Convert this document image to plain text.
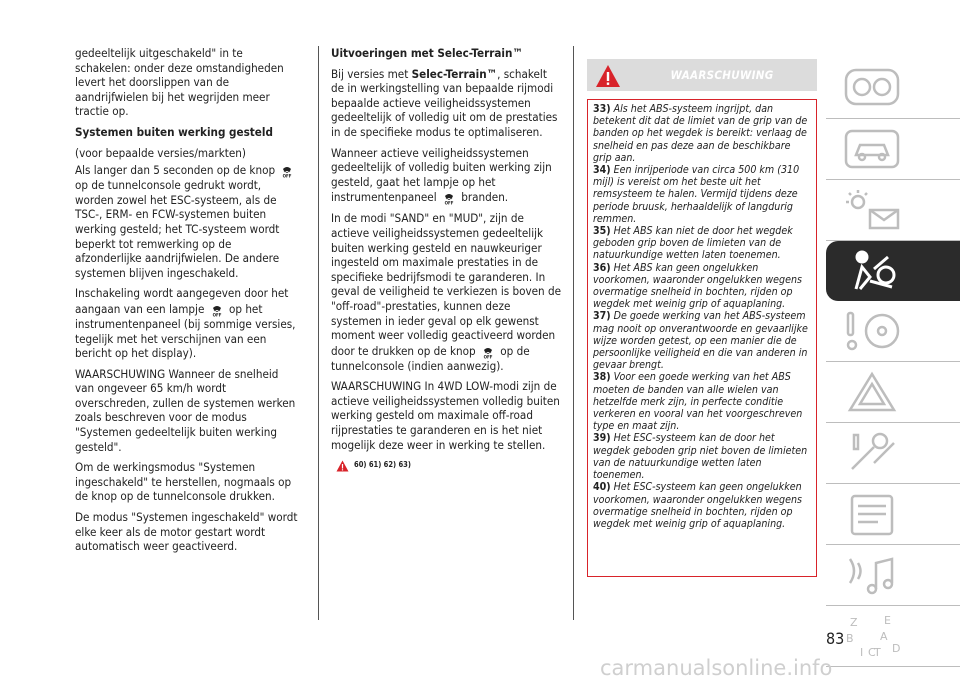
gedeeltelijk uitgeschakeld" in te schakelen: onder deze omstandigheden levert het doorslippen van de aandrijfwielen bij het wegrijden meer tractie op.

Systemen buiten werking gesteld

(voor bepaalde versies/markten)

Als langer dan 5 seconden op de knop OFF
op de tunnelconsole gedrukt wordt, worden zowel het ESC-systeem, als de TSC-, ERM- en FCW-systemen buiten werking gesteld; het TC-systeem wordt beperkt tot remwerking op de afzonderlijke aandrijfwielen. De andere systemen blijven ingeschakeld.

Inschakeling wordt aangegeven door het aangaan van een lampje OFF op het instrumentenpaneel (bij sommige versies, tegelijk met het verschijnen van een bericht op het display).

WAARSCHUWING Wanneer de snelheid van ongeveer 65 km/h wordt overschreden, zullen de systemen werken zoals beschreven voor de modus "Systemen gedeeltelijk buiten werking gesteld".

Om de werkingsmodus "Systemen ingeschakeld" te herstellen, nogmaals op de knop op de tunnelconsole drukken.

De modus "Systemen ingeschakeld" wordt elke keer als de motor gestart wordt automatisch weer geactiveerd.

Uitvoeringen met Selec-Terrain™

Bij versies met Selec-Terrain™, schakelt de in werkingstelling van bepaalde rijmodi bepaalde actieve veiligheidssystemen gedeeltelijk of volledig uit om de prestaties in de specifieke modus te optimaliseren.

Wanneer actieve veiligheidssystemen gedeeltelijk of volledig buiten werking zijn gesteld, gaat het lampje op het instrumentenpaneel OFF branden.

In de modi "SAND" en "MUD", zijn de actieve veiligheidssystemen gedeeltelijk buiten werking gesteld en nauwkeuriger ingesteld om maximale prestaties in de specifieke bedrijfsmodi te garanderen. In geval de veiligheid te verkiezen is boven de "off-road"-prestaties, kunnen deze systemen in ieder geval op elk gewenst moment weer volledig geactiveerd worden door te drukken op de knop OFF op de tunnelconsole (indien aanwezig).

WAARSCHUWING In 4WD LOW-modi zijn de actieve veiligheidssystemen volledig buiten werking gesteld om maximale off-road rijprestaties te garanderen en is het niet mogelijk deze weer in werking te stellen.

60) 61) 62) 63)
WAARSCHUWING
33) Als het ABS-systeem ingrijpt, dan betekent dit dat de limiet van de grip van de banden op het wegdek is bereikt: verlaag de snelheid en pas deze aan de beschikbare grip aan.
34) Een inrijperiode van circa 500 km (310 mijl) is vereist om het beste uit het remsysteem te halen. Vermijd tijdens deze periode bruusk, herhaaldelijk of langdurig remmen.
35) Het ABS kan niet de door het wegdek geboden grip boven de limieten van de natuurkundige wetten laten toenemen.
36) Het ABS kan geen ongelukken voorkomen, waaronder ongelukken wegens overmatige snelheid in bochten, rijden op wegdek met weinig grip of aquaplaning.
37) De goede werking van het ABS-systeem mag nooit op onverantwoorde en gevaarlijke wijze worden getest, op een manier die de persoonlijke veiligheid en die van anderen in gevaar brengt.
38) Voor een goede werking van het ABS moeten de banden van alle wielen van hetzelfde merk zijn, in perfecte conditie verkeren en vooral van het voorgeschreven type en maat zijn.
39) Het ESC-systeem kan de door het wegdek geboden grip niet boven de limieten van de natuurkundige wetten laten toenemen.
40) Het ESC-systeem kan geen ongelukken voorkomen, waaronder ongelukken wegens overmatige snelheid in bochten, rijden op wegdek met weinig grip of aquaplaning.
Z E
B A
I C
T D
83
carmanualsonline.info
